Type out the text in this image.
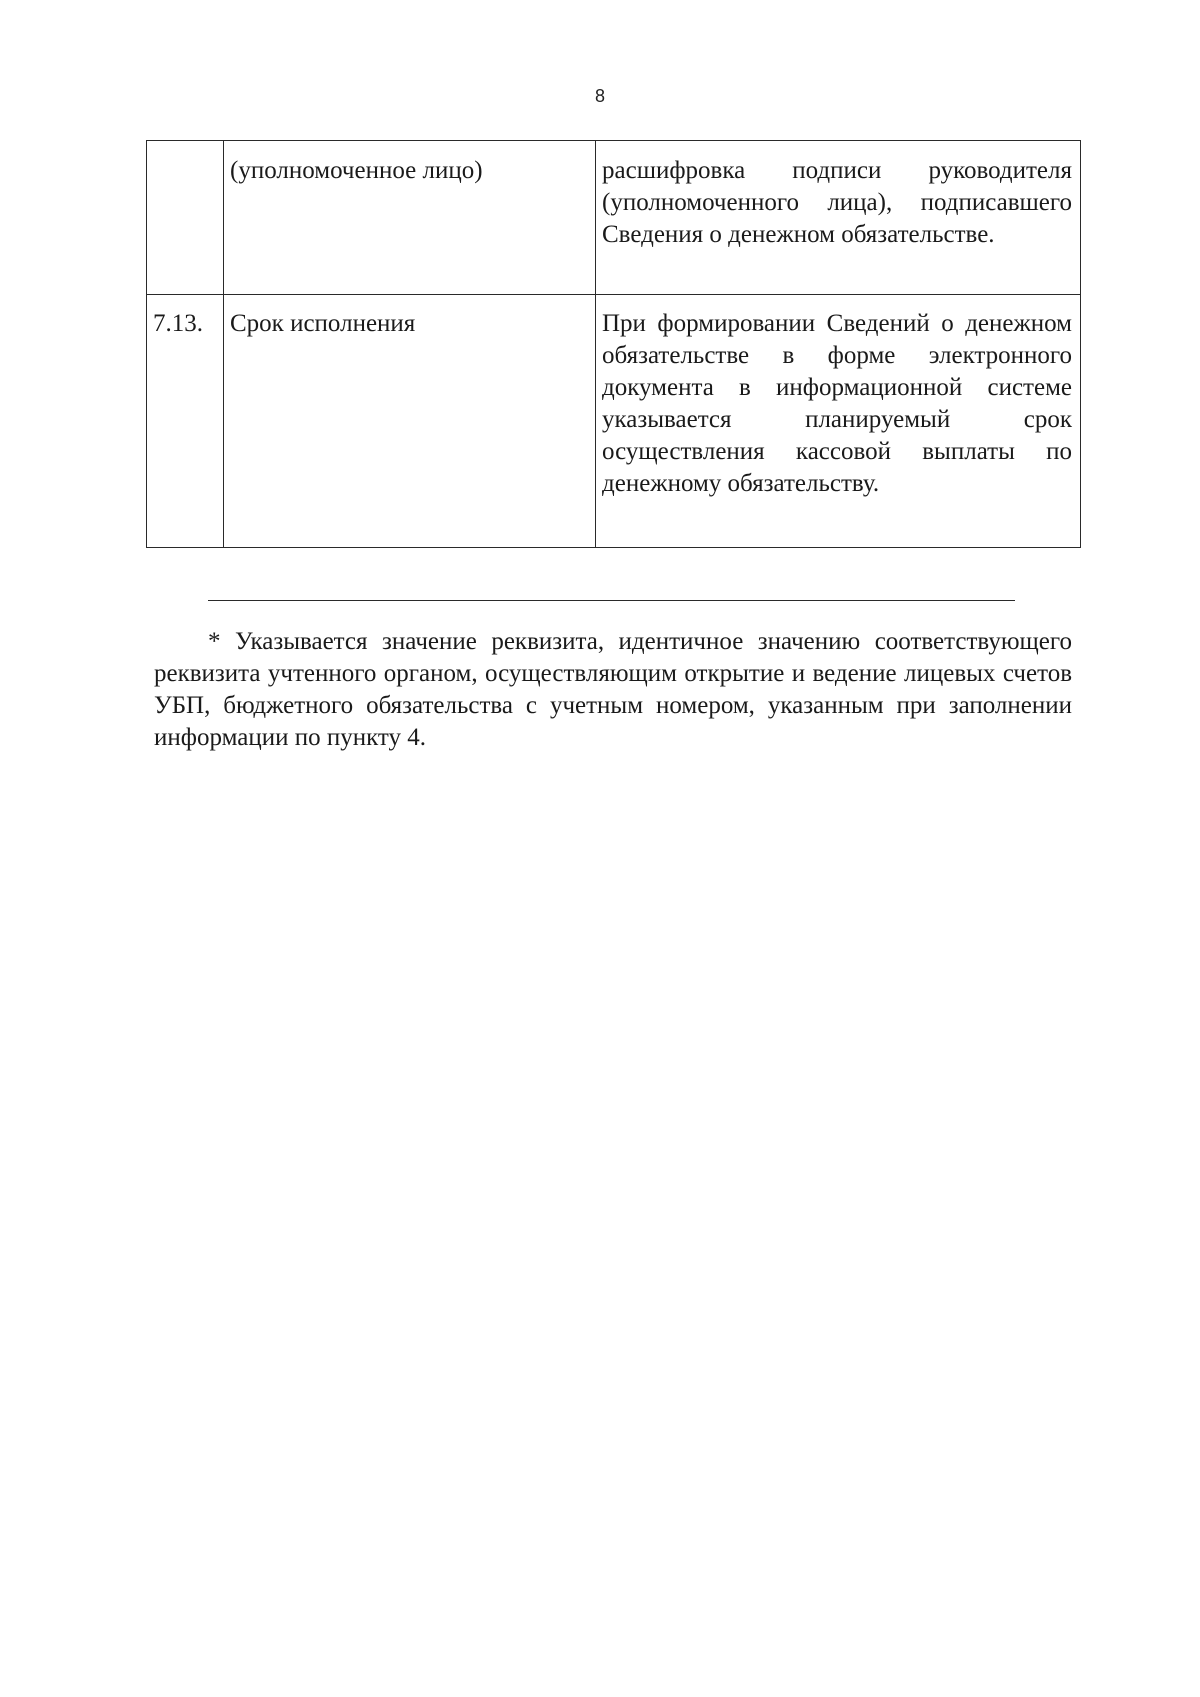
8
	(уполномоченное лицо)	расшифровка подписи руководителя (уполномоченного лица), подписавшего Сведения о денежном обязательстве.
7.13.	Срок исполнения	При формировании Сведений о денежном обязательстве в форме электронного документа в информационной системе указывается планируемый срок осуществления кассовой выплаты по денежному обязательству.

* Указывается значение реквизита, идентичное значению соответствующего реквизита учтенного органом, осуществляющим открытие и ведение лицевых счетов УБП, бюджетного обязательства с учетным номером, указанным при заполнении информации по пункту 4.
